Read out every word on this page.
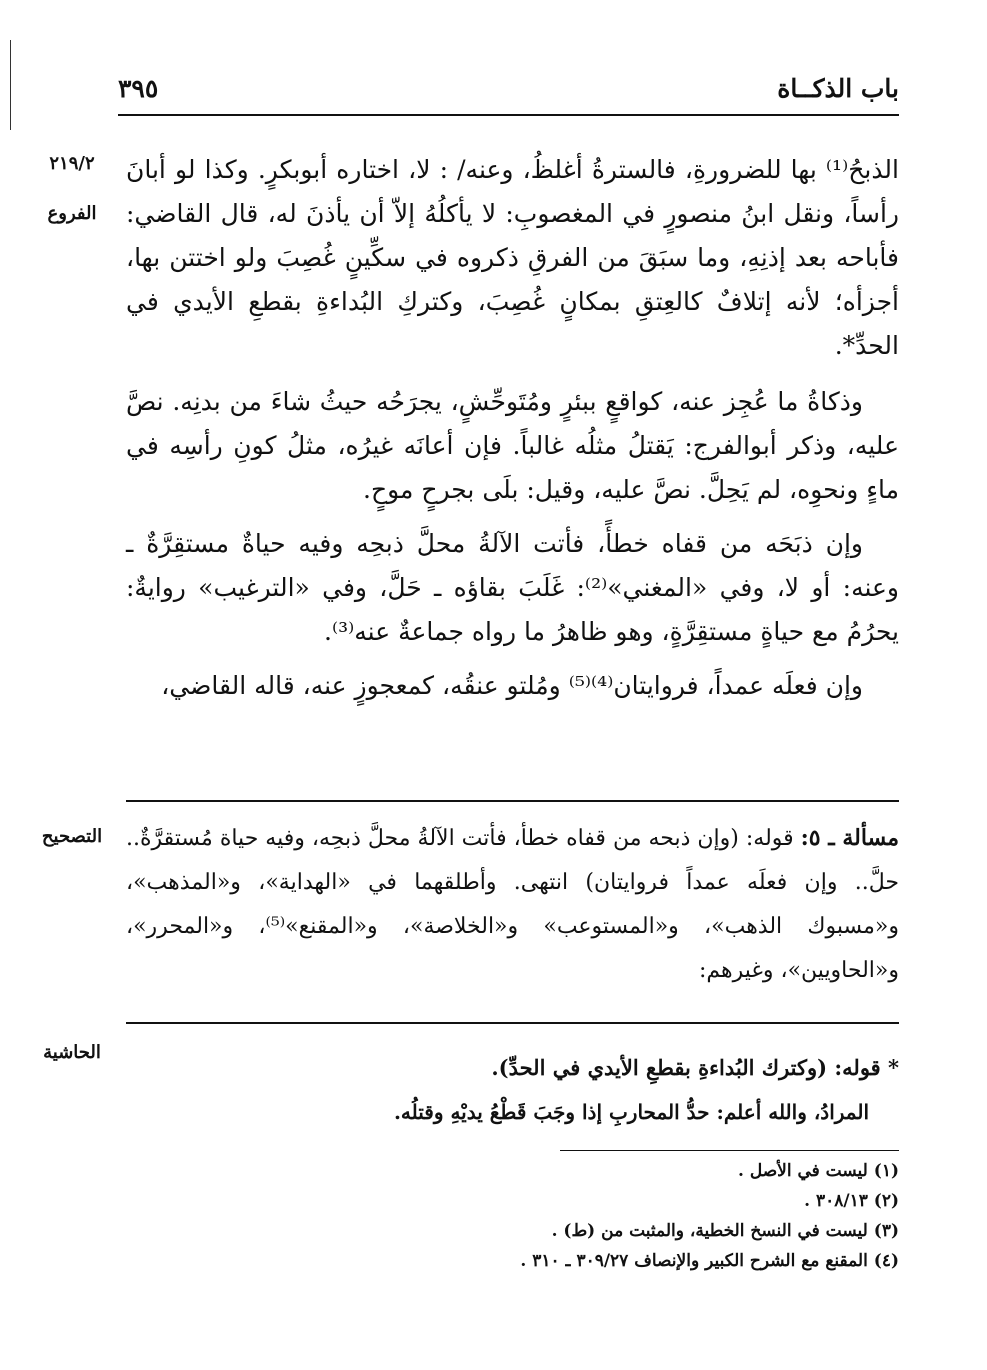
باب الذكــاة
٣٩٥
٢١٩/٢
الفروع
التصحيح
الحاشية

الذبحُ⁽¹⁾ بها للضرورةِ، فالسترةُ أغلظُ، وعنه/ : لا، اختاره أبوبكرٍ. وكذا لو أبانَ رأساً، ونقل ابنُ منصورٍ في المغصوبِ: لا يأكلُهُ إلاّ أن يأذنَ له، قال القاضي: فأباحه بعد إذنِهِ، وما سبَقَ من الفرقِ ذكروه في سكِّينٍ غُصِبَ ولو اختتن بها، أجزأه؛ لأنه إتلافٌ كالعِتقِ بمكانٍ غُصِبَ، وكتركِ البُداءةِ بقطعِ الأيدي في الحدِّ*.

وذكاةُ ما عُجِز عنه، كواقعٍ ببئرٍ ومُتَوحِّشٍ، يجرَحُه حيثُ شاءَ من بدنِه. نصَّ عليه، وذكر أبوالفرج: يَقتلُ مثلُه غالباً. فإن أعانَه غيرُه، مثلُ كونِ رأسِه في ماءٍ ونحوِه، لم يَحِلَّ. نصَّ عليه، وقيل: بلَى بجرحٍ موحٍ.

وإن ذبَحَه من قفاه خطأً، فأتت الآلةُ محلَّ ذبحِه وفيه حياةٌ مستقِرَّةٌ ـ وعنه: أو لا، وفي «المغني»⁽²⁾: غَلَبَ بقاؤه ـ حَلَّ، وفي «الترغيب» روايةٌ: يحرُمُ مع حياةٍ مستقِرَّةٍ، وهو ظاهرُ ما رواه جماعةٌ عنه⁽³⁾.

وإن فعلَه عمداً، فروايتان⁽⁴⁾⁽⁵⁾ ومُلتو عنقُه، كمعجوزٍ عنه، قاله القاضي،

مسألة ـ ٥: قوله: (وإن ذبحه من قفاه خطأ، فأتت الآلةُ محلَّ ذبحِه، وفيه حياة مُستقرَّةٌ.. حلَّ.. وإن فعلَه عمداً فروايتان) انتهى. وأطلقهما في «الهداية»، و«المذهب»، و«مسبوك الذهب»، و«المستوعب» و«الخلاصة»، و«المقنع»⁽⁵⁾، و«المحرر»، و«الحاويين»، وغيرهم:

* قوله: (وكترك البُداءةِ بقطعِ الأيدي في الحدِّ).

المرادُ، والله أعلم: حدُّ المحاربِ إذا وجَبَ قَطْعُ يديْهِ وقتلُه.

(١) ليست في الأصل .
(٢) ٣٠٨/١٣ .
(٣) ليست في النسخ الخطية، والمثبت من (ط) .
(٤) المقنع مع الشرح الكبير والإنصاف ٣٠٩/٢٧ ـ ٣١٠ .
